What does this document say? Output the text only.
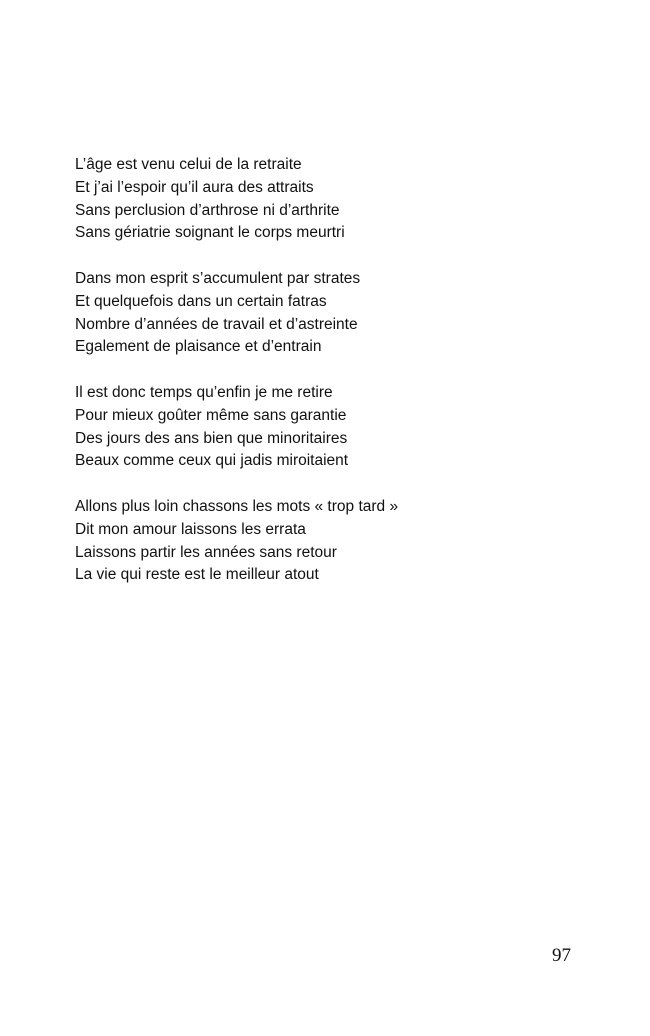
L’âge est venu celui de la retraite
Et j’ai l’espoir qu’il aura des attraits
Sans perclusion d’arthrose ni d’arthrite
Sans gériatrie soignant le corps meurtri
Dans mon esprit s’accumulent par strates
Et quelquefois dans un certain fatras
Nombre d’années de travail et d’astreinte
Egalement de plaisance et d’entrain
Il est donc temps qu’enfin je me retire
Pour mieux goûter même sans garantie
Des jours des ans bien que minoritaires
Beaux comme ceux qui jadis miroitaient
Allons plus loin chassons les mots « trop tard »
Dit mon amour laissons les errata
Laissons partir les années sans retour
La vie qui reste est le meilleur atout
97
